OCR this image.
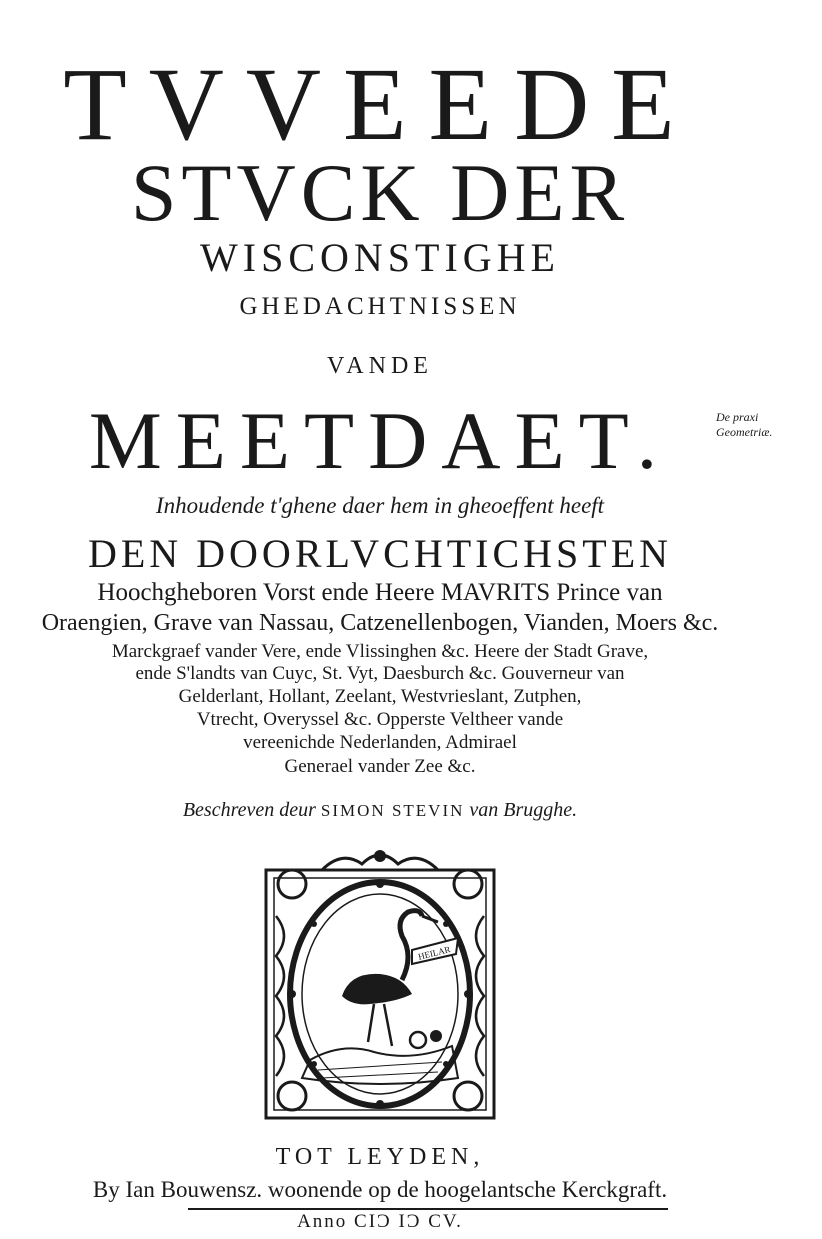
TVVEEDE
STVCK DER
WISCONSTIGHE
GHEDACHTNISSEN
VANDE
MEETDAET.	De praxi Geometriæ.
Inhoudende t'ghene daer hem in gheoeffent heeft
DEN DOORLVCHTICHSTEN
Hoochgheboren Vorst ende Heere MAVRITS Prince van
Oraengien, Grave van Nassau, Catzenellenbogen, Vianden, Moers &c.
Marckgraef vander Vere, ende Vlissinghen &c. Heere der Stadt Grave,
ende S'landts van Cuyc, St. Vyt, Daesburch &c. Gouverneur van
Gelderlant, Hollant, Zeelant, Westvrieslant, Zutphen,
Vtrecht, Overyssel &c. Opperste Veltheer vande
vereenichde Nederlanden, Admirael
Generael vander Zee &c.
Beschreven deur SIMON STEVIN van Brugghe.
HEILAR
TOT LEYDEN,
By Ian Bouwensz. woonende op de hoogelantsche Kerckgraft.
Anno CIƆ IƆ CV.
